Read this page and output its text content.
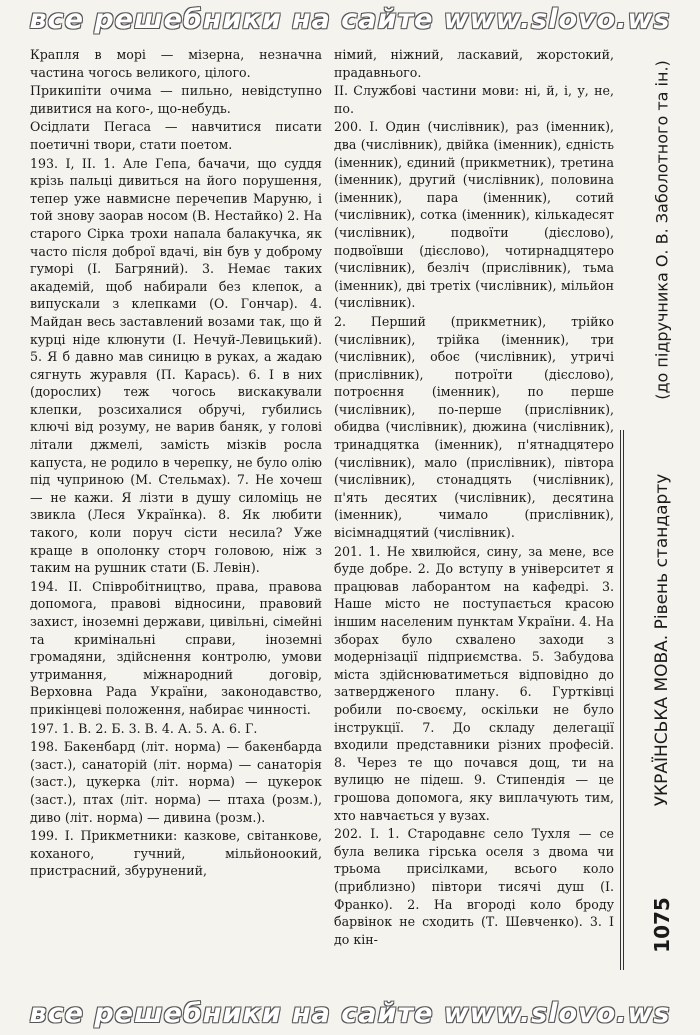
все решебники на сайте www.slovo.ws

Крапля в морі — мізерна, незначна частина чогось великого, цілого.

Прикипіти очима — пильно, невідступно дивитися на кого-, що-небудь.

Осідлати Пегаса — навчитися писати поетичні твори, стати поетом.

193. I, II. 1. Але Гепа, бачачи, що суддя крізь пальці дивиться на його порушення, тепер уже навмисне перечепив Маруню, і той знову заорав носом (В. Нестайко) 2. На старого Сірка трохи напала балакучка, як часто після доброї вдачі, він був у доброму гуморі (І. Багряний). 3. Немає таких академій, щоб набирали без клепок, а випускали з клепками (О. Гончар). 4. Майдан весь заставлений возами так, що й курці ніде клюнути (І. Нечуй-Левицький). 5. Я б давно мав синицю в руках, а жадаю сягнуть журавля (П. Карась). 6. І в них (дорослих) теж чогось вискакували клепки, розсихалися обручі, губились ключі від розуму, не варив баняк, у голові літали джмелі, замість мізків росла капуста, не родило в черепку, не було олію під чуприною (М. Стельмах). 7. Не хочеш — не кажи. Я лізти в душу силоміць не звикла (Леся Українка). 8. Як любити такого, коли поруч сісти несила? Уже краще в ополонку сторч головою, ніж з таким на рушник стати (Б. Левін).

194. II. Співробітництво, права, правова допомога, правові відносини, правовий захист, іноземні держави, цивільні, сімейні та кримінальні справи, іноземні громадяни, здійснення контролю, умови утримання, міжнародний договір, Верховна Рада України, законодавство, прикінцеві положення, набирає чинності.

197. 1. В. 2. Б. 3. В. 4. А. 5. А. 6. Г.

198. Бакенбард (літ. норма) — бакенбарда (заст.), санаторій (літ. норма) — санаторія (заст.), цукерка (літ. норма) — цукерок (заст.), птах (літ. норма) — птаха (розм.), диво (літ. норма) — дивина (розм.).

199. I. Прикметники: казкове, світанкове, коханого, гучний, мільйоноокий, пристрасний, збурунений,

німий, ніжний, ласкавий, жорстокий, прадавнього.

II. Службові частини мови: ні, й, і, у, не, по.

200. I. Один (числівник), раз (іменник), два (числівник), двійка (іменник), єдність (іменник), єдиний (прикметник), третина (іменник), другий (числівник), половина (іменник), пара (іменник), сотий (числівник), сотка (іменник), кількадесят (числівник), подвоїти (дієслово), подвоївши (дієслово), чотирнадцятеро (числівник), безліч (прислівник), тьма (іменник), дві третіх (числівник), мільйон (числівник).

2. Перший (прикметник), трійко (числівник), трійка (іменник), три (числівник), обоє (числівник), утричі (прислівник), потроїти (дієслово), потроєння (іменник), по перше (числівник), по-перше (прислівник), обидва (числівник), дюжина (числівник), тринадцятка (іменник), п'ятнадцятеро (числівник), мало (прислівник), півтора (числівник), стонадцять (числівник), п'ять десятих (числівник), десятина (іменник), чимало (прислівник), вісімнадцятий (числівник).

201. 1. Не хвилюйся, сину, за мене, все буде добре. 2. До вступу в університет я працював лаборантом на кафедрі. 3. Наше місто не поступається красою іншим населеним пунктам України. 4. На зборах було схвалено заходи з модернізації підприємства. 5. Забудова міста здійснюватиметься відповідно до затвердженого плану. 6. Гуртківці робили по-своєму, оскільки не було інструкції. 7. До складу делегації входили представники різних професій. 8. Через те що почався дощ, ти на вулицю не підеш. 9. Стипендія — це грошова допомога, яку виплачують тим, хто навчається у вузах.

202. I. 1. Стародавнє село Тухля — се була велика гірська оселя з двома чи трьома присілками, всього коло (приблизно) півтори тисячі душ (І. Франко). 2. На вгороді коло броду барвінок не сходить (Т. Шевченко). 3. І до кін-

(до підручника О. В. Заболотного та ін.)
УКРАЇНСЬКА МОВА. Рівень стандарту
1075
все решебники на сайте www.slovo.ws
